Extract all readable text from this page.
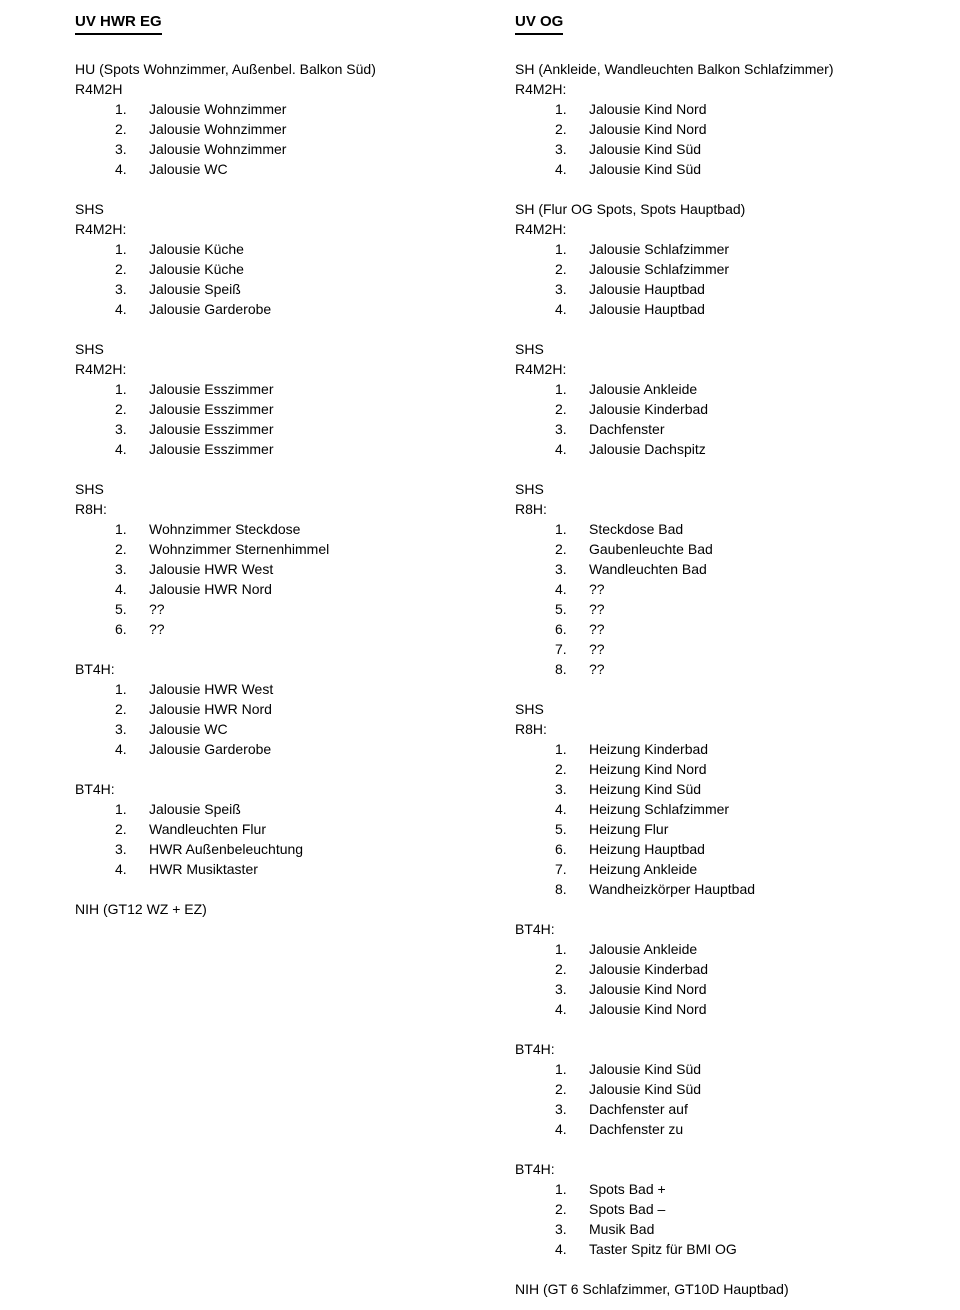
UV HWR EG
HU (Spots Wohnzimmer, Außenbel. Balkon Süd)
R4M2H
1.	Jalousie Wohnzimmer
2.	Jalousie Wohnzimmer
3.	Jalousie Wohnzimmer
4.	Jalousie WC
SHS
R4M2H:
1.	Jalousie Küche
2.	Jalousie Küche
3.	Jalousie Speiß
4.	Jalousie Garderobe
SHS
R4M2H:
1.	Jalousie Esszimmer
2.	Jalousie Esszimmer
3.	Jalousie Esszimmer
4.	Jalousie Esszimmer
SHS
R8H:
1.	Wohnzimmer Steckdose
2.	Wohnzimmer Sternenhimmel
3.	Jalousie HWR West
4.	Jalousie HWR Nord
5.	??
6.	??
BT4H:
1.	Jalousie HWR West
2.	Jalousie HWR Nord
3.	Jalousie WC
4.	Jalousie Garderobe
BT4H:
1.	Jalousie Speiß
2.	Wandleuchten Flur
3.	HWR Außenbeleuchtung
4.	HWR Musiktaster
NIH (GT12 WZ + EZ)
UV OG
SH (Ankleide, Wandleuchten Balkon Schlafzimmer)
R4M2H:
1.	Jalousie Kind Nord
2.	Jalousie Kind Nord
3.	Jalousie Kind Süd
4.	Jalousie Kind Süd
SH (Flur OG Spots, Spots Hauptbad)
R4M2H:
1.	Jalousie Schlafzimmer
2.	Jalousie Schlafzimmer
3.	Jalousie Hauptbad
4.	Jalousie Hauptbad
SHS
R4M2H:
1.	Jalousie Ankleide
2.	Jalousie Kinderbad
3.	Dachfenster
4.	Jalousie Dachspitz
SHS
R8H:
1.	Steckdose Bad
2.	Gaubenleuchte Bad
3.	Wandleuchten Bad
4.	??
5.	??
6.	??
7.	??
8.	??
SHS
R8H:
1.	Heizung Kinderbad
2.	Heizung Kind Nord
3.	Heizung Kind Süd
4.	Heizung Schlafzimmer
5.	Heizung Flur
6.	Heizung Hauptbad
7.	Heizung Ankleide
8.	Wandheizkörper Hauptbad
BT4H:
1.	Jalousie Ankleide
2.	Jalousie Kinderbad
3.	Jalousie Kind Nord
4.	Jalousie Kind Nord
BT4H:
1.	Jalousie Kind Süd
2.	Jalousie Kind Süd
3.	Dachfenster auf
4.	Dachfenster zu
BT4H:
1.	Spots Bad +
2.	Spots Bad –
3.	Musik Bad
4.	Taster Spitz für BMI OG
NIH (GT 6 Schlafzimmer, GT10D Hauptbad)
